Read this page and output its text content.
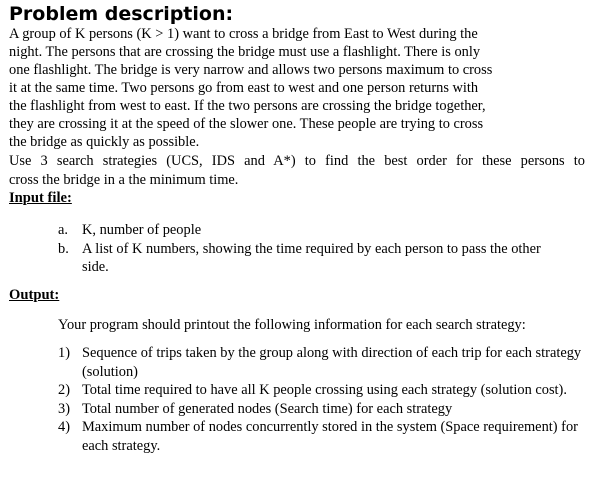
Problem description:
A group of K persons (K > 1) want to cross a bridge from East to West during the
night. The persons that are crossing the bridge must use a flashlight. There is only
one flashlight. The bridge is very narrow and allows two persons maximum to cross
it at the same time. Two persons go from east to west and one person returns with
the flashlight from west to east. If the two persons are crossing the bridge together,
they are crossing it at the speed of the slower one. These people are trying to cross
the bridge as quickly as possible.
Use 3 search strategies (UCS, IDS and A*) to find the best order for these persons to
cross the bridge in a the minimum time.
Input file:
a. K, number of people
b. A list of K numbers, showing the time required by each person to pass the other side.
Output:
Your program should printout the following information for each search strategy:
1) Sequence of trips taken by the group along with direction of each trip for each strategy (solution)
2) Total time required to have all K people crossing using each strategy (solution cost).
3) Total number of generated nodes (Search time) for each strategy
4) Maximum number of nodes concurrently stored in the system (Space requirement) for each strategy.
